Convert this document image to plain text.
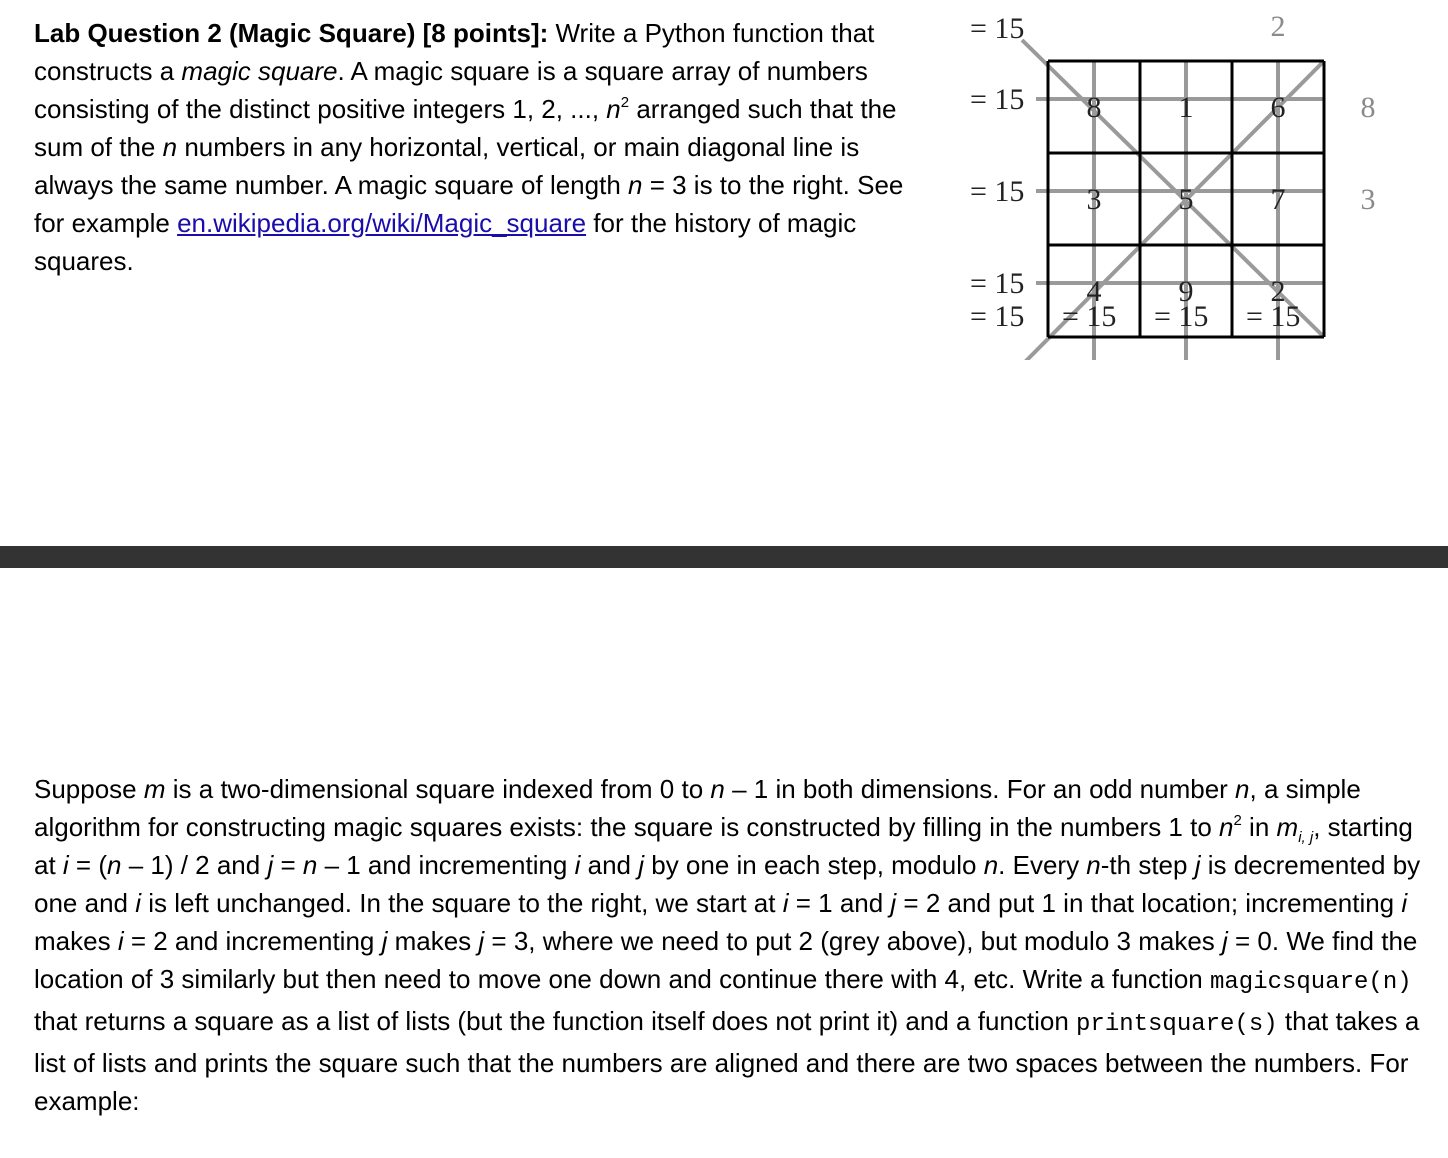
Lab Question 2 (Magic Square) [8 points]: Write a Python function that constructs a magic square. A magic square is a square array of numbers consisting of the distinct positive integers 1, 2, ..., $n^2$ arranged such that the sum of the n numbers in any horizontal, vertical, or main diagonal line is always the same number. A magic square of length n = 3 is to the right. See for example en.wikipedia.org/wiki/Magic_square for the history of magic squares.

8	1	6
3	5	7
4	9	2
= 15
= 15
= 15
= 15
= 15 = 15 = 15 = 15
2
8
3

Suppose m is a two-dimensional square indexed from 0 to n – 1 in both dimensions. For an odd number n, a simple algorithm for constructing magic squares exists: the square is constructed by filling in the numbers 1 to $n^2$ in $m_{i, j}$, starting at i = (n – 1) / 2 and j = n – 1 and incrementing i and j by one in each step, modulo n. Every n-th step j is decremented by one and i is left unchanged. In the square to the right, we start at i = 1 and j = 2 and put 1 in that location; incrementing i makes i = 2 and incrementing j makes j = 3, where we need to put 2 (grey above), but modulo 3 makes j = 0. We find the location of 3 similarly but then need to move one down and continue there with 4, etc. Write a function magicsquare(n) that returns a square as a list of lists (but the function itself does not print it) and a function printsquare(s) that takes a list of lists and prints the square such that the numbers are aligned and there are two spaces between the numbers. For example:
